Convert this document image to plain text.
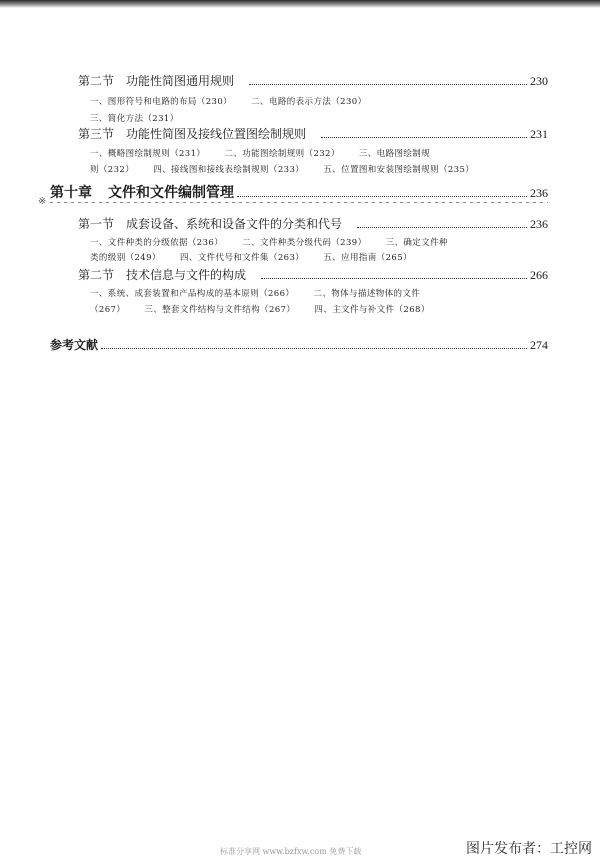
第二节 功能性简图通用规则	230
一、图形符号和电路的布局（230） 二、电路的表示方法（230）
三、简化方法（231）
第三节 功能性简图及接线位置图绘制规则	231
一、概略图绘制规则（231） 二、功能图绘制规则（232） 三、电路图绘制规
则（232） 四、接线图和接线表绘制规则（233） 五、位置图和安装图绘制规则（235）
第十章 文件和文件编制管理	236
※
第一节 成套设备、系统和设备文件的分类和代号	236
一、文件种类的分级依据（236） 二、文件种类分级代码（239） 三、确定文件种
类的级别（249） 四、文件代号和文件集（263） 五、应用指南（265）
第二节 技术信息与文件的构成	266
一、系统、成套装置和产品构成的基本原则（266） 二、物体与描述物体的文件
（267） 三、整套文件结构与文件结构（267） 四、主文件与补文件（268）
参考文献	274
标准分享网 www.bzfxw.com 免费下载	图片发布者：工控网
